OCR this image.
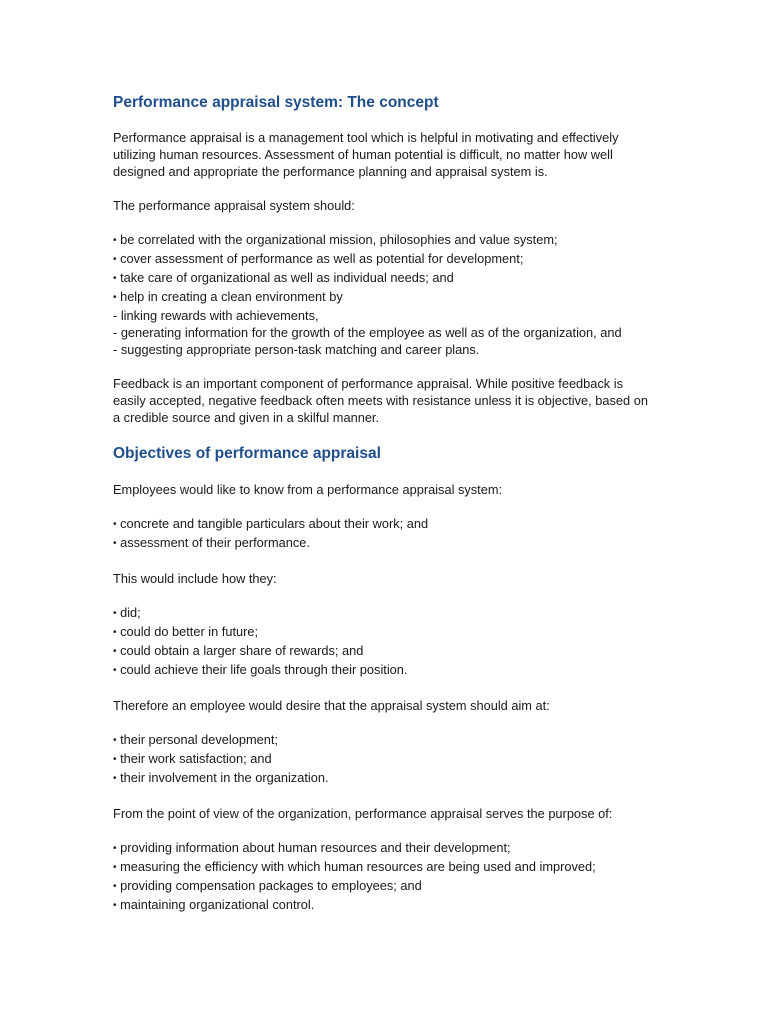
Performance appraisal system: The concept

Performance appraisal is a management tool which is helpful in motivating and effectively utilizing human resources. Assessment of human potential is difficult, no matter how well designed and appropriate the performance planning and appraisal system is.

The performance appraisal system should:

• be correlated with the organizational mission, philosophies and value system;
• cover assessment of performance as well as potential for development;
• take care of organizational as well as individual needs; and
• help in creating a clean environment by
- linking rewards with achievements,
- generating information for the growth of the employee as well as of the organization, and
- suggesting appropriate person-task matching and career plans.

Feedback is an important component of performance appraisal. While positive feedback is easily accepted, negative feedback often meets with resistance unless it is objective, based on a credible source and given in a skilful manner.

Objectives of performance appraisal

Employees would like to know from a performance appraisal system:

• concrete and tangible particulars about their work; and
• assessment of their performance.

This would include how they:

• did;
• could do better in future;
• could obtain a larger share of rewards; and
• could achieve their life goals through their position.

Therefore an employee would desire that the appraisal system should aim at:

• their personal development;
• their work satisfaction; and
• their involvement in the organization.

From the point of view of the organization, performance appraisal serves the purpose of:

• providing information about human resources and their development;
• measuring the efficiency with which human resources are being used and improved;
• providing compensation packages to employees; and
• maintaining organizational control.
